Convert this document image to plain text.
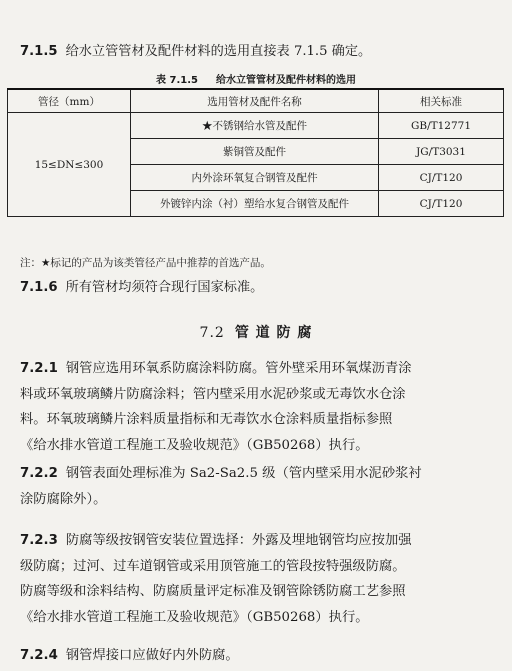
7.1.5 给水立管管材及配件材料的选用直接表 7.1.5 确定。
表 7.1.5 给水立管管材及配件材料的选用
管径（mm）	选用管材及配件名称	相关标准
15≤DN≤300	★不锈钢给水管及配件	GB/T12771
	紫铜管及配件	JG/T3031
	内外涂环氧复合钢管及配件	CJ/T120
	外镀锌内涂（衬）塑给水复合钢管及配件	CJ/T120
注：★标记的产品为该类管径产品中推荐的首选产品。
7.1.6 所有管材均须符合现行国家标准。
7.2 管 道 防 腐
7.2.1 钢管应选用环氧系防腐涂料防腐。管外壁采用环氧煤沥青涂
料或环氧玻璃鳞片防腐涂料；管内壁采用水泥砂浆或无毒饮水仓涂
料。环氧玻璃鳞片涂料质量指标和无毒饮水仓涂料质量指标参照
《给水排水管道工程施工及验收规范》（GB50268）执行。
7.2.2 钢管表面处理标准为 Sa2-Sa2.5 级（管内壁采用水泥砂浆衬
涂防腐除外）。
7.2.3 防腐等级按钢管安装位置选择：外露及埋地钢管均应按加强
级防腐；过河、过车道钢管或采用顶管施工的管段按特强级防腐。
防腐等级和涂料结构、防腐质量评定标准及钢管除锈防腐工艺参照
《给水排水管道工程施工及验收规范》（GB50268）执行。
7.2.4 钢管焊接口应做好内外防腐。
